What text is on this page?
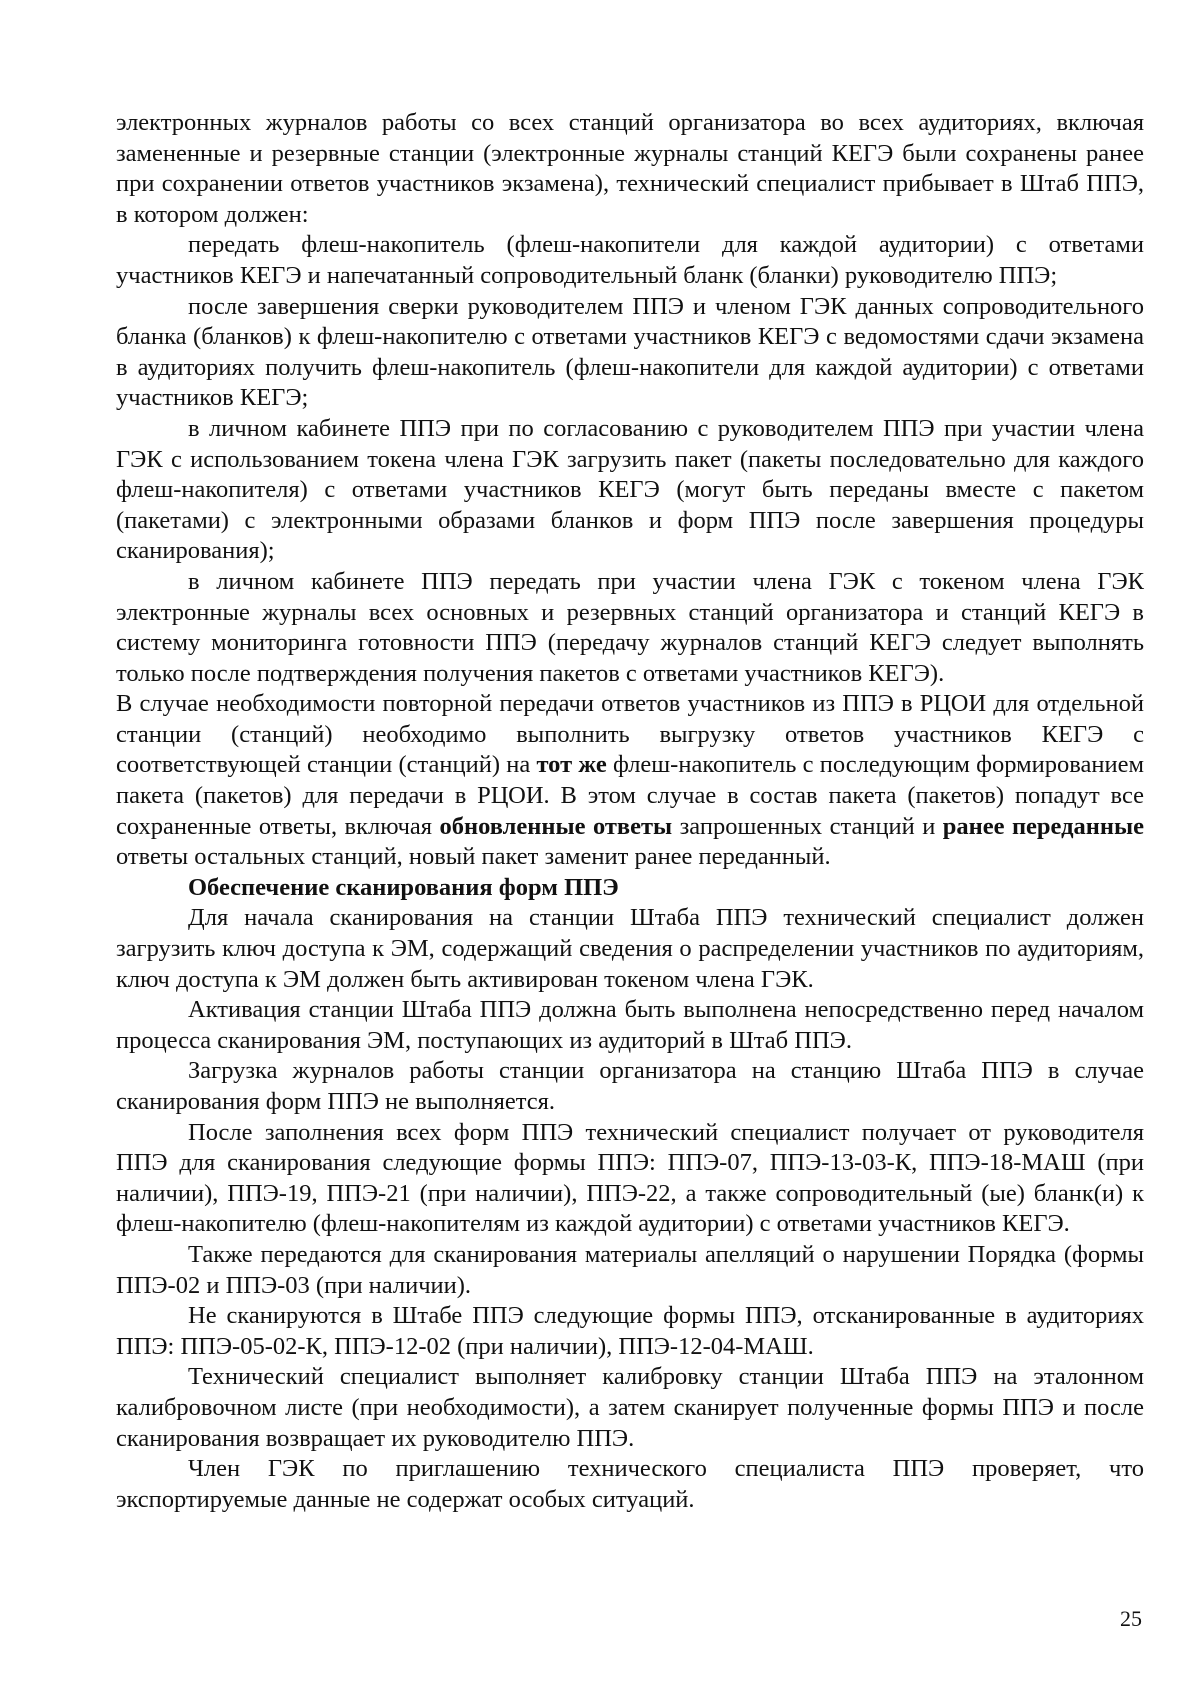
электронных журналов работы со всех станций организатора во всех аудиториях, включая замененные и резервные станции (электронные журналы станций КЕГЭ были сохранены ранее при сохранении ответов участников экзамена), технический специалист прибывает в Штаб ППЭ, в котором должен:

передать флеш-накопитель (флеш-накопители для каждой аудитории) с ответами участников КЕГЭ и напечатанный сопроводительный бланк (бланки) руководителю ППЭ;

после завершения сверки руководителем ППЭ и членом ГЭК данных сопроводительного бланка (бланков) к флеш-накопителю с ответами участников КЕГЭ с ведомостями сдачи экзамена в аудиториях получить флеш-накопитель (флеш-накопители для каждой аудитории) с ответами участников КЕГЭ;

в личном кабинете ППЭ при по согласованию с руководителем ППЭ при участии члена ГЭК с использованием токена члена ГЭК загрузить пакет (пакеты последовательно для каждого флеш-накопителя) с ответами участников КЕГЭ (могут быть переданы вместе с пакетом (пакетами) с электронными образами бланков и форм ППЭ после завершения процедуры сканирования);

в личном кабинете ППЭ передать при участии члена ГЭК с токеном члена ГЭК электронные журналы всех основных и резервных станций организатора и станций КЕГЭ в систему мониторинга готовности ППЭ (передачу журналов станций КЕГЭ следует выполнять только после подтверждения получения пакетов с ответами участников КЕГЭ).

В случае необходимости повторной передачи ответов участников из ППЭ в РЦОИ для отдельной станции (станций) необходимо выполнить выгрузку ответов участников КЕГЭ с соответствующей станции (станций) на тот же флеш-накопитель с последующим формированием пакета (пакетов) для передачи в РЦОИ. В этом случае в состав пакета (пакетов) попадут все сохраненные ответы, включая обновленные ответы запрошенных станций и ранее переданные ответы остальных станций, новый пакет заменит ранее переданный.

Обеспечение сканирования форм ППЭ

Для начала сканирования на станции Штаба ППЭ технический специалист должен загрузить ключ доступа к ЭМ, содержащий сведения о распределении участников по аудиториям, ключ доступа к ЭМ должен быть активирован токеном члена ГЭК.

Активация станции Штаба ППЭ должна быть выполнена непосредственно перед началом процесса сканирования ЭМ, поступающих из аудиторий в Штаб ППЭ.

Загрузка журналов работы станции организатора на станцию Штаба ППЭ в случае сканирования форм ППЭ не выполняется.

После заполнения всех форм ППЭ технический специалист получает от руководителя ППЭ для сканирования следующие формы ППЭ: ППЭ-07, ППЭ-13-03-К, ППЭ-18-МАШ (при наличии), ППЭ-19, ППЭ-21 (при наличии), ППЭ-22, а также сопроводительный (ые) бланк(и) к флеш-накопителю (флеш-накопителям из каждой аудитории) с ответами участников КЕГЭ.

Также передаются для сканирования материалы апелляций о нарушении Порядка (формы ППЭ-02 и ППЭ-03 (при наличии).

Не сканируются в Штабе ППЭ следующие формы ППЭ, отсканированные в аудиториях ППЭ: ППЭ-05-02-К, ППЭ-12-02 (при наличии), ППЭ-12-04-МАШ.

Технический специалист выполняет калибровку станции Штаба ППЭ на эталонном калибровочном листе (при необходимости), а затем сканирует полученные формы ППЭ и после сканирования возвращает их руководителю ППЭ.

Член ГЭК по приглашению технического специалиста ППЭ проверяет, что экспортируемые данные не содержат особых ситуаций.

25
